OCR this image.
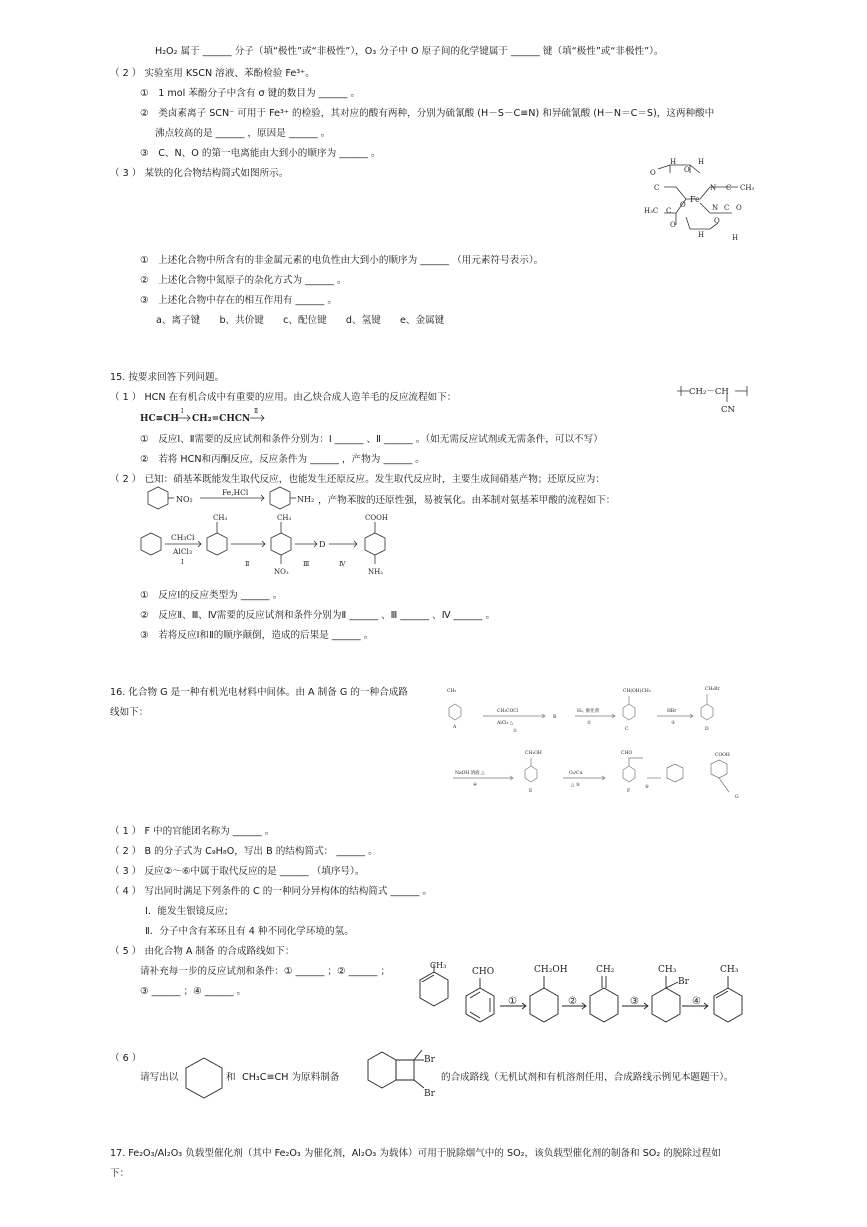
H₂O₂ 属于 ______ 分子（填“极性”或“非极性”），O₃ 分子中 O 原子间的化学键属于 ______ 键（填“极性”或“非极性”）。
（ 2 ） 实验室用 KSCN 溶液、苯酚检验 Fe³⁺。
①　1 mol 苯酚分子中含有 σ 键的数目为 ______ 。
②　类卤素离子 SCN⁻ 可用于 Fe³⁺ 的检验，其对应的酸有两种，分别为硫氰酸 (H－S－C≡N) 和异硫氰酸 (H－N＝C＝S)，这两种酸中
沸点较高的是 ______ ，原因是 ______ 。
③　C、N、O 的第一电离能由大到小的顺序为 ______ 。
（ 3 ） 某铁的化合物结构简式如图所示。
H
O
H
O
C	N C CH₃
H₃C C
O
Fe
N C O
O
H	H
O
①　上述化合物中所含有的非金属元素的电负性由大到小的顺序为 ______ （用元素符号表示）。
②　上述化合物中氮原子的杂化方式为 ______ 。
③　上述化合物中存在的相互作用有 ______ 。
a、离子键　　b、共价键　　c、配位键　　d、氢键　　e、金属键
15. 按要求回答下列问题。
（ 1 ） HCN 在有机合成中有重要的应用。由乙炔合成人造羊毛的反应流程如下：	CH₂－CH
CN
HC≡CH
Ⅰ
CH₂=CHCN
Ⅱ
①　反应Ⅰ、Ⅱ需要的反应试剂和条件分别为：Ⅰ ______ 、Ⅱ ______ 。（如无需反应试剂或无需条件，可以不写）
②　若将 HCN和丙酮反应，反应条件为 ______ ，产物为 ______ 。
（ 2 ） 已知：硝基苯既能发生取代反应，也能发生还原反应。发生取代反应时，主要生成间硝基产物；还原反应为：
NO₂
Fe,HCl
NH₂ ，产物苯胺的还原性强，易被氧化。由苯制对氨基苯甲酸的流程如下：
CH₃Cl
AlCl₃
Ⅰ
CH₃
Ⅱ
CH₃
NO₂
Ⅲ
D
Ⅳ
COOH
NH₂
①　反应Ⅰ的反应类型为 ______ 。
②　反应Ⅱ、Ⅲ、Ⅳ需要的反应试剂和条件分别为Ⅱ ______ 、Ⅲ ______ 、Ⅳ ______ 。
③　若将反应Ⅰ和Ⅱ的顺序颠倒，造成的后果是 ______ 。
16. 化合物 G 是一种有机光电材料中间体。由 A 制备 G 的一种合成路
线如下：
CH₃
A
CH₃COCl
AlCl₃ △
①
B
H₂, 催化剂
②
CH(OH)CH₃
C
HBr
③
CH₂Br
D
NaOH 溶液 △
④
CH₂OH
E
O₂/Cu
△ ⑤
CHO
F
⑥
COOH
G
（ 1 ） F 中的官能团名称为 ______ 。
（ 2 ） B 的分子式为 C₉H₈O，写出 B 的结构简式： ______ 。
（ 3 ） 反应②～⑥中属于取代反应的是 ______ （填序号）。
（ 4 ） 写出同时满足下列条件的 C 的一种同分异构体的结构简式 ______ 。
Ⅰ．能发生银镜反应;
Ⅱ．分子中含有苯环且有 4 种不同化学环境的氢。
（ 5 ） 由化合物 A 制备 的合成路线如下：
请补充每一步的反应试剂和条件：① ______ ；② ______ ；
③ ______ ；④ ______ 。
CH₃
CHO
①
CH₂OH
②
CH₂
③
CH₃
Br
④
CH₃
（ 6 ）
请写出以	和 CH₃C≡CH 为原料制备
Br
Br
的合成路线（无机试剂和有机溶剂任用，合成路线示例见本题题干）。
17. Fe₂O₃/Al₂O₃ 负载型催化剂（其中 Fe₂O₃ 为催化剂，Al₂O₃ 为载体）可用于脱除烟气中的 SO₂，该负载型催化剂的制备和 SO₂ 的脱除过程如
下：
